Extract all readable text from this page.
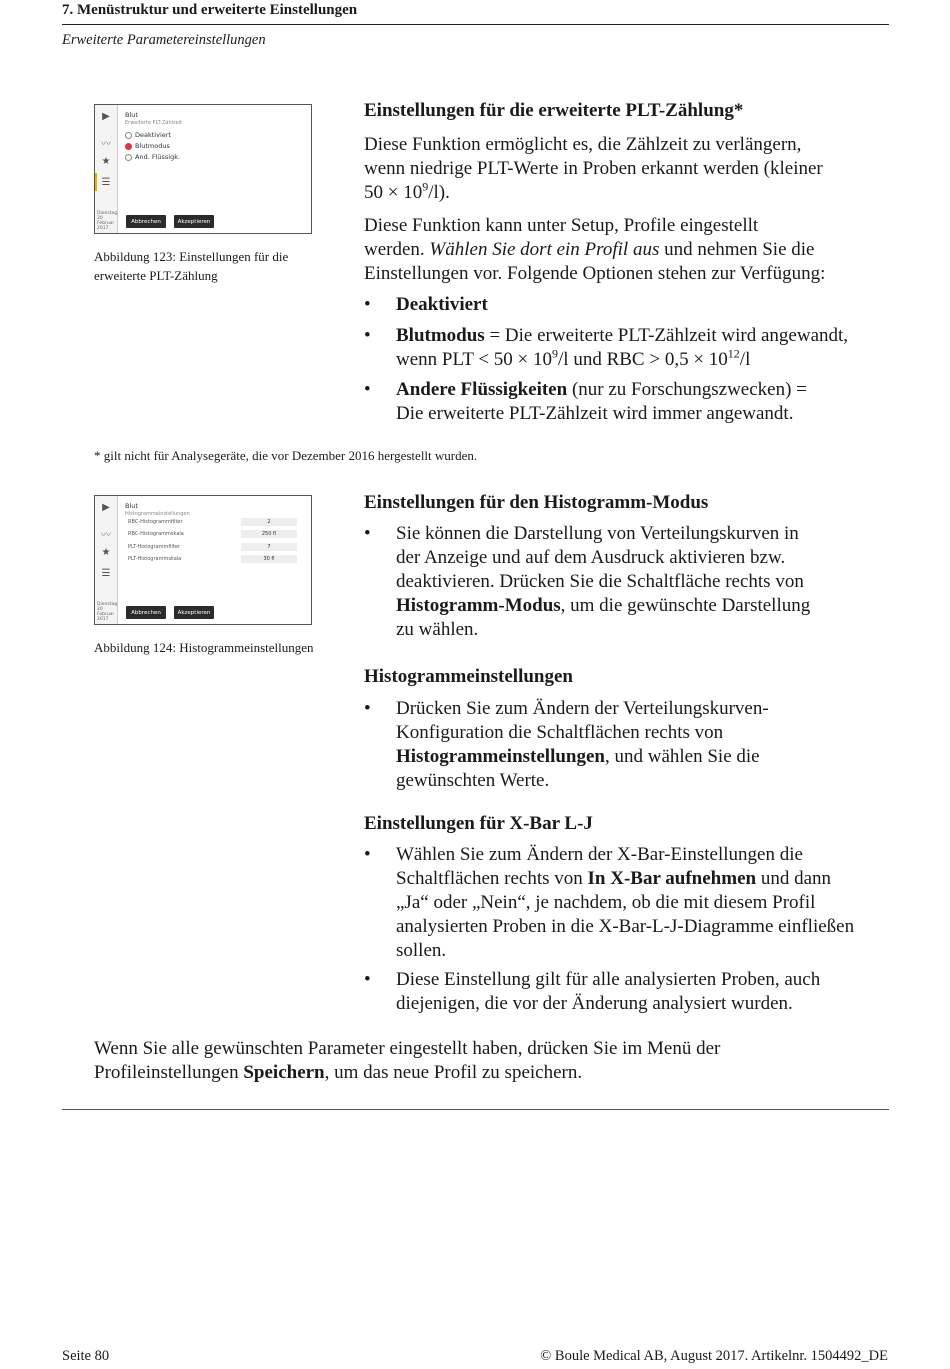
7. Menüstruktur und erweiterte Einstellungen
Erweiterte Parametereinstellungen
▶
〰
★
☰
Dienstag 20 Februar 2017
Blut
Erweiterte PLT-Zählzeit
Deaktiviert
Blutmodus
And. Flüssigk.
Abbrechen	Akzeptieren
Abbildung 123: Einstellungen für die
erweiterte PLT-Zählung
Einstellungen für die erweiterte PLT-Zählung*
Diese Funktion ermöglicht es, die Zählzeit zu verlängern,
wenn niedrige PLT-Werte in Proben erkannt werden (kleiner
$50 \times 10^9/l$).
Diese Funktion kann unter Setup, Profile eingestellt
werden. Wählen Sie dort ein Profil aus und nehmen Sie die
Einstellungen vor. Folgende Optionen stehen zur Verfügung:
• Deaktiviert
• Blutmodus = Die erweiterte PLT-Zählzeit wird angewandt,
wenn PLT < $50 \times 10^9/l$ und RBC > $0,5 \times 10^{12}/l$
• Andere Flüssigkeiten (nur zu Forschungszwecken) =
Die erweiterte PLT-Zählzeit wird immer angewandt.
* gilt nicht für Analysegeräte, die vor Dezember 2016 hergestellt wurden.
▶
〰
★
☰
Dienstag 20 Februar 2017
Blut
Histogrammeinstellungen
RBC-Histogrammfilter	2
RBC-Histogrammskala	250 fl
PLT-Histogrammfilter	7
PLT-Histogrammskala	30 fl
Abbrechen	Akzeptieren
Abbildung 124: Histogrammeinstellungen
Einstellungen für den Histogramm-Modus
• Sie können die Darstellung von Verteilungskurven in
der Anzeige und auf dem Ausdruck aktivieren bzw.
deaktivieren. Drücken Sie die Schaltfläche rechts von
Histogramm-Modus, um die gewünschte Darstellung
zu wählen.
Histogrammeinstellungen
• Drücken Sie zum Ändern der Verteilungskurven-
Konfiguration die Schaltflächen rechts von
Histogrammeinstellungen, und wählen Sie die
gewünschten Werte.
Einstellungen für X-Bar L-J
• Wählen Sie zum Ändern der X-Bar-Einstellungen die
Schaltflächen rechts von In X-Bar aufnehmen und dann
„Ja“ oder „Nein“, je nachdem, ob die mit diesem Profil
analysierten Proben in die X-Bar-L-J-Diagramme einfließen
sollen.
• Diese Einstellung gilt für alle analysierten Proben, auch
diejenigen, die vor der Änderung analysiert wurden.
Wenn Sie alle gewünschten Parameter eingestellt haben, drücken Sie im Menü der
Profileinstellungen Speichern, um das neue Profil zu speichern.
Seite 80	© Boule Medical AB, August 2017. Artikelnr. 1504492_DE
